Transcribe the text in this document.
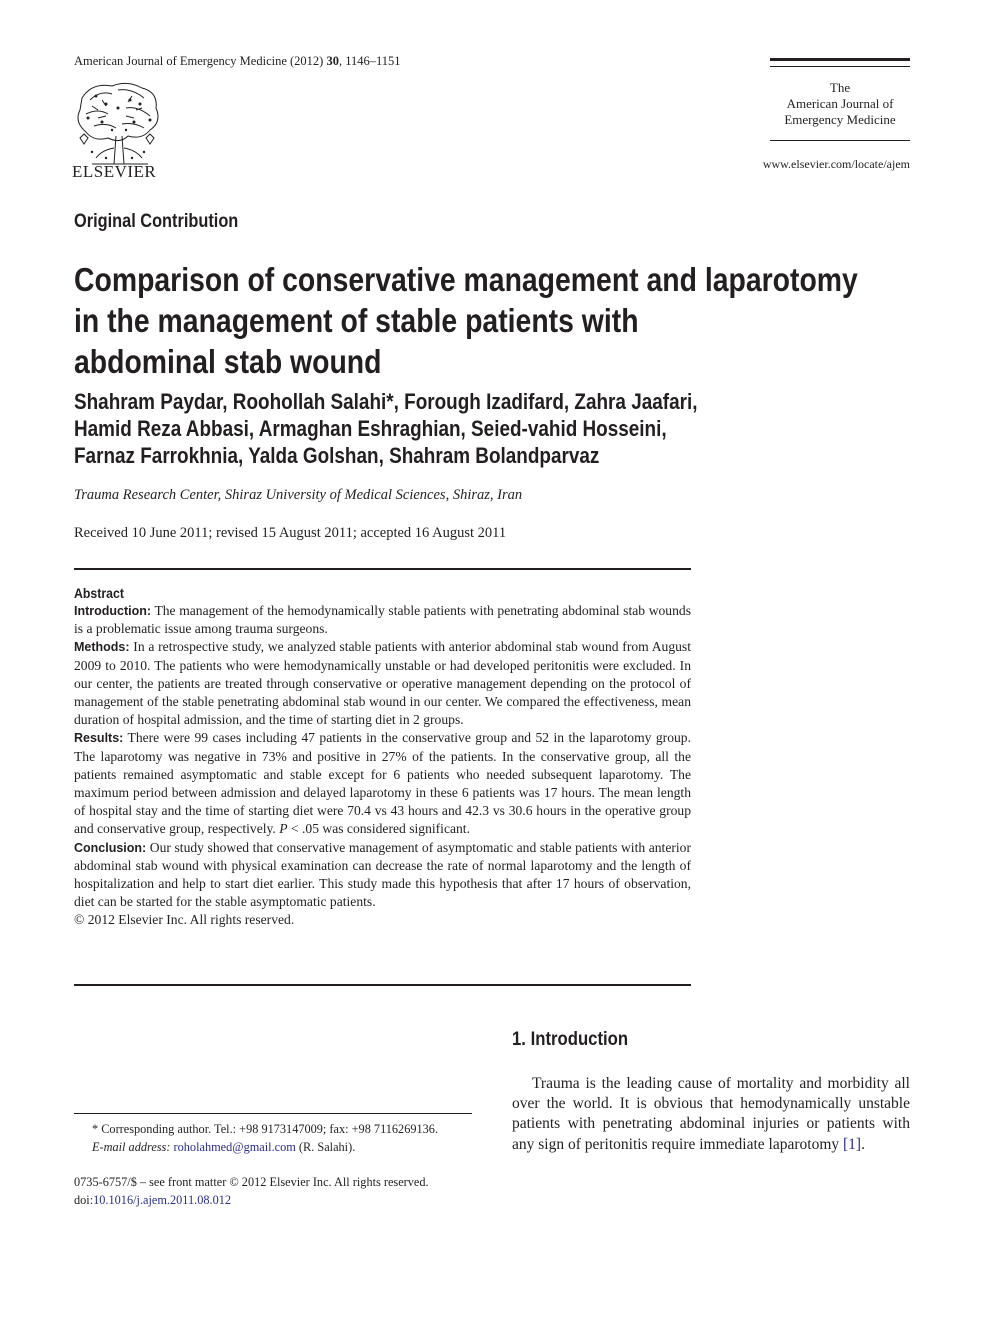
American Journal of Emergency Medicine (2012) 30, 1146–1151
ELSEVIER
The
American Journal of
Emergency Medicine
www.elsevier.com/locate/ajem
Original Contribution
Comparison of conservative management and laparotomy
in the management of stable patients with
abdominal stab wound
Shahram Paydar, Roohollah Salahi*, Forough Izadifard, Zahra Jaafari,
Hamid Reza Abbasi, Armaghan Eshraghian, Seied-vahid Hosseini,
Farnaz Farrokhnia, Yalda Golshan, Shahram Bolandparvaz
Trauma Research Center, Shiraz University of Medical Sciences, Shiraz, Iran
Received 10 June 2011; revised 15 August 2011; accepted 16 August 2011
Abstract

Introduction: The management of the hemodynamically stable patients with penetrating abdominal stab wounds is a problematic issue among trauma surgeons.

Methods: In a retrospective study, we analyzed stable patients with anterior abdominal stab wound from August 2009 to 2010. The patients who were hemodynamically unstable or had developed peritonitis were excluded. In our center, the patients are treated through conservative or operative management depending on the protocol of management of the stable penetrating abdominal stab wound in our center. We compared the effectiveness, mean duration of hospital admission, and the time of starting diet in 2 groups.

Results: There were 99 cases including 47 patients in the conservative group and 52 in the laparotomy group. The laparotomy was negative in 73% and positive in 27% of the patients. In the conservative group, all the patients remained asymptomatic and stable except for 6 patients who needed subsequent laparotomy. The maximum period between admission and delayed laparotomy in these 6 patients was 17 hours. The mean length of hospital stay and the time of starting diet were 70.4 vs 43 hours and 42.3 vs 30.6 hours in the operative group and conservative group, respectively. P < .05 was considered significant.

Conclusion: Our study showed that conservative management of asymptomatic and stable patients with anterior abdominal stab wound with physical examination can decrease the rate of normal laparotomy and the length of hospitalization and help to start diet earlier. This study made this hypothesis that after 17 hours of observation, diet can be started for the stable asymptomatic patients.

© 2012 Elsevier Inc. All rights reserved.

* Corresponding author. Tel.: +98 9173147009; fax: +98 7116269136.
E-mail address: roholahmed@gmail.com (R. Salahi).
0735-6757/$ – see front matter © 2012 Elsevier Inc. All rights reserved.
doi:10.1016/j.ajem.2011.08.012
1. Introduction
Trauma is the leading cause of mortality and morbidity all over the world. It is obvious that hemodynamically unstable patients with penetrating abdominal injuries or patients with any sign of peritonitis require immediate laparotomy [1].
